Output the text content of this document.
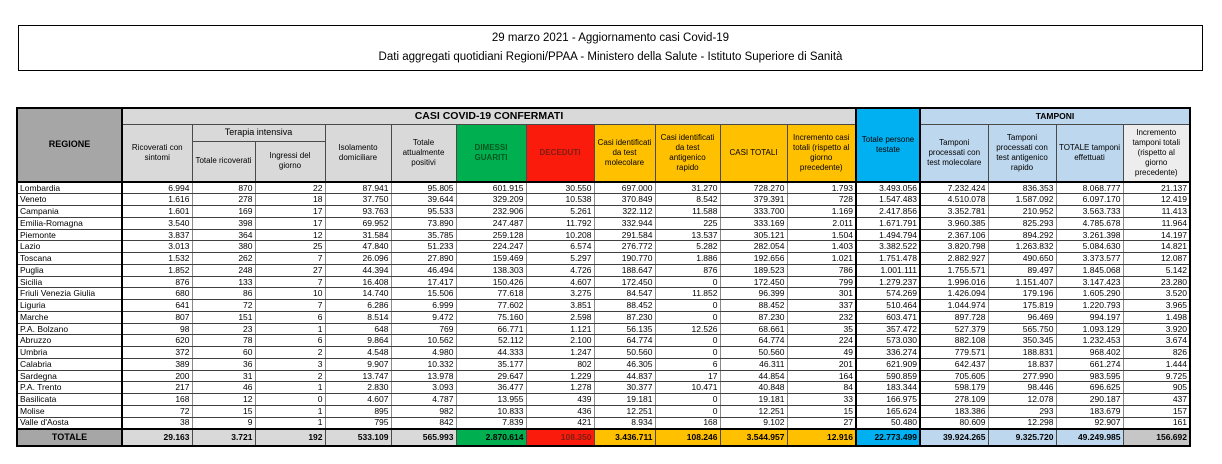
29 marzo 2021 - Aggiornamento casi Covid-19
Dati aggregati quotidiani Regioni/PPAA - Ministero della Salute - Istituto Superiore di Sanità
REGIONE	CASI COVID-19 CONFERMATI											Totale persone testate	TAMPONI			
	Ricoverati con sintomi	Terapia intensiva		Isolamento domiciliare	Totale attualmente positivi	DIMESSI GUARITI	DECEDUTI	Casi identificati da test molecolare	Casi identificati da test antigenico rapido	CASI TOTALI	Incremento casi totali (rispetto al giorno precedente)		Tamponi processati con test molecolare	Tamponi processati con test antigenico rapido	TOTALE tamponi effettuati	Incremento tamponi totali (rispetto al giorno precedente)
		Totale ricoverati	Ingressi del giorno													
Lombardia	6.994	870	22	87.941	95.805	601.915	30.550	697.000	31.270	728.270	1.793	3.493.056	7.232.424	836.353	8.068.777	21.137
Veneto	1.616	278	18	37.750	39.644	329.209	10.538	370.849	8.542	379.391	728	1.547.483	4.510.078	1.587.092	6.097.170	12.419
Campania	1.601	169	17	93.763	95.533	232.906	5.261	322.112	11.588	333.700	1.169	2.417.856	3.352.781	210.952	3.563.733	11.413
Emilia-Romagna	3.540	398	17	69.952	73.890	247.487	11.792	332.944	225	333.169	2.011	1.671.791	3.960.385	825.293	4.785.678	11.964
Piemonte	3.837	364	12	31.584	35.785	259.128	10.208	291.584	13.537	305.121	1.504	1.494.794	2.367.106	894.292	3.261.398	14.197
Lazio	3.013	380	25	47.840	51.233	224.247	6.574	276.772	5.282	282.054	1.403	3.382.522	3.820.798	1.263.832	5.084.630	14.821
Toscana	1.532	262	7	26.096	27.890	159.469	5.297	190.770	1.886	192.656	1.021	1.751.478	2.882.927	490.650	3.373.577	12.087
Puglia	1.852	248	27	44.394	46.494	138.303	4.726	188.647	876	189.523	786	1.001.111	1.755.571	89.497	1.845.068	5.142
Sicilia	876	133	7	16.408	17.417	150.426	4.607	172.450	0	172.450	799	1.279.237	1.996.016	1.151.407	3.147.423	23.280
Friuli Venezia Giulia	680	86	10	14.740	15.506	77.618	3.275	84.547	11.852	96.399	301	574.269	1.426.094	179.196	1.605.290	3.520
Liguria	641	72	7	6.286	6.999	77.602	3.851	88.452	0	88.452	337	510.464	1.044.974	175.819	1.220.793	3.965
Marche	807	151	6	8.514	9.472	75.160	2.598	87.230	0	87.230	232	603.471	897.728	96.469	994.197	1.498
P.A. Bolzano	98	23	1	648	769	66.771	1.121	56.135	12.526	68.661	35	357.472	527.379	565.750	1.093.129	3.920
Abruzzo	620	78	6	9.864	10.562	52.112	2.100	64.774	0	64.774	224	573.030	882.108	350.345	1.232.453	3.674
Umbria	372	60	2	4.548	4.980	44.333	1.247	50.560	0	50.560	49	336.274	779.571	188.831	968.402	826
Calabria	389	36	3	9.907	10.332	35.177	802	46.305	6	46.311	201	621.909	642.437	18.837	661.274	1.444
Sardegna	200	31	2	13.747	13.978	29.647	1.229	44.837	17	44.854	164	590.859	705.605	277.990	983.595	9.725
P.A. Trento	217	46	1	2.830	3.093	36.477	1.278	30.377	10.471	40.848	84	183.344	598.179	98.446	696.625	905
Basilicata	168	12	0	4.607	4.787	13.955	439	19.181	0	19.181	33	166.975	278.109	12.078	290.187	437
Molise	72	15	1	895	982	10.833	436	12.251	0	12.251	15	165.624	183.386	293	183.679	157
Valle d'Aosta	38	9	1	795	842	7.839	421	8.934	168	9.102	27	50.480	80.609	12.298	92.907	161
TOTALE	29.163	3.721	192	533.109	565.993	2.870.614	108.350	3.436.711	108.246	3.544.957	12.916	22.773.499	39.924.265	9.325.720	49.249.985	156.692
